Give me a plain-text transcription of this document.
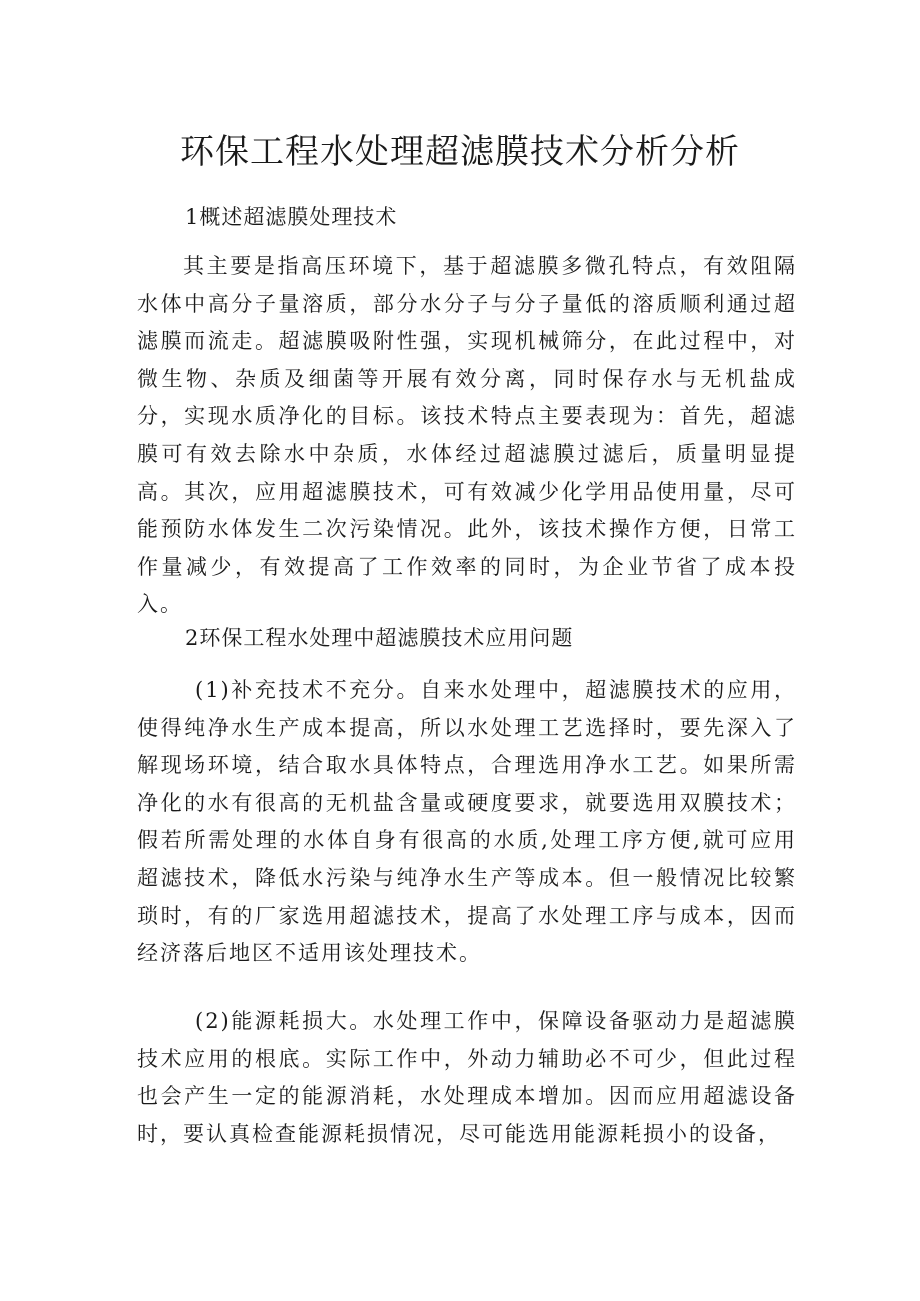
环保工程水处理超滤膜技术分析分析
1概述超滤膜处理技术

其主要是指高压环境下，基于超滤膜多微孔特点，有效阻隔水体中高分子量溶质，部分水分子与分子量低的溶质顺利通过超滤膜而流走。超滤膜吸附性强，实现机械筛分，在此过程中，对微生物、杂质及细菌等开展有效分离，同时保存水与无机盐成分，实现水质净化的目标。该技术特点主要表现为：首先，超滤膜可有效去除水中杂质，水体经过超滤膜过滤后，质量明显提高。其次，应用超滤膜技术，可有效减少化学用品使用量，尽可能预防水体发生二次污染情况。此外，该技术操作方便，日常工作量减少，有效提高了工作效率的同时，为企业节省了成本投入。

2环保工程水处理中超滤膜技术应用问题

(1)补充技术不充分。自来水处理中，超滤膜技术的应用，使得纯净水生产成本提高，所以水处理工艺选择时，要先深入了解现场环境，结合取水具体特点，合理选用净水工艺。如果所需净化的水有很高的无机盐含量或硬度要求，就要选用双膜技术；假若所需处理的水体自身有很高的水质,处理工序方便,就可应用超滤技术，降低水污染与纯净水生产等成本。但一般情况比较繁琐时，有的厂家选用超滤技术，提高了水处理工序与成本，因而经济落后地区不适用该处理技术。

(2)能源耗损大。水处理工作中，保障设备驱动力是超滤膜技术应用的根底。实际工作中，外动力辅助必不可少，但此过程也会产生一定的能源消耗，水处理成本增加。因而应用超滤设备时，要认真检查能源耗损情况，尽可能选用能源耗损小的设备，
